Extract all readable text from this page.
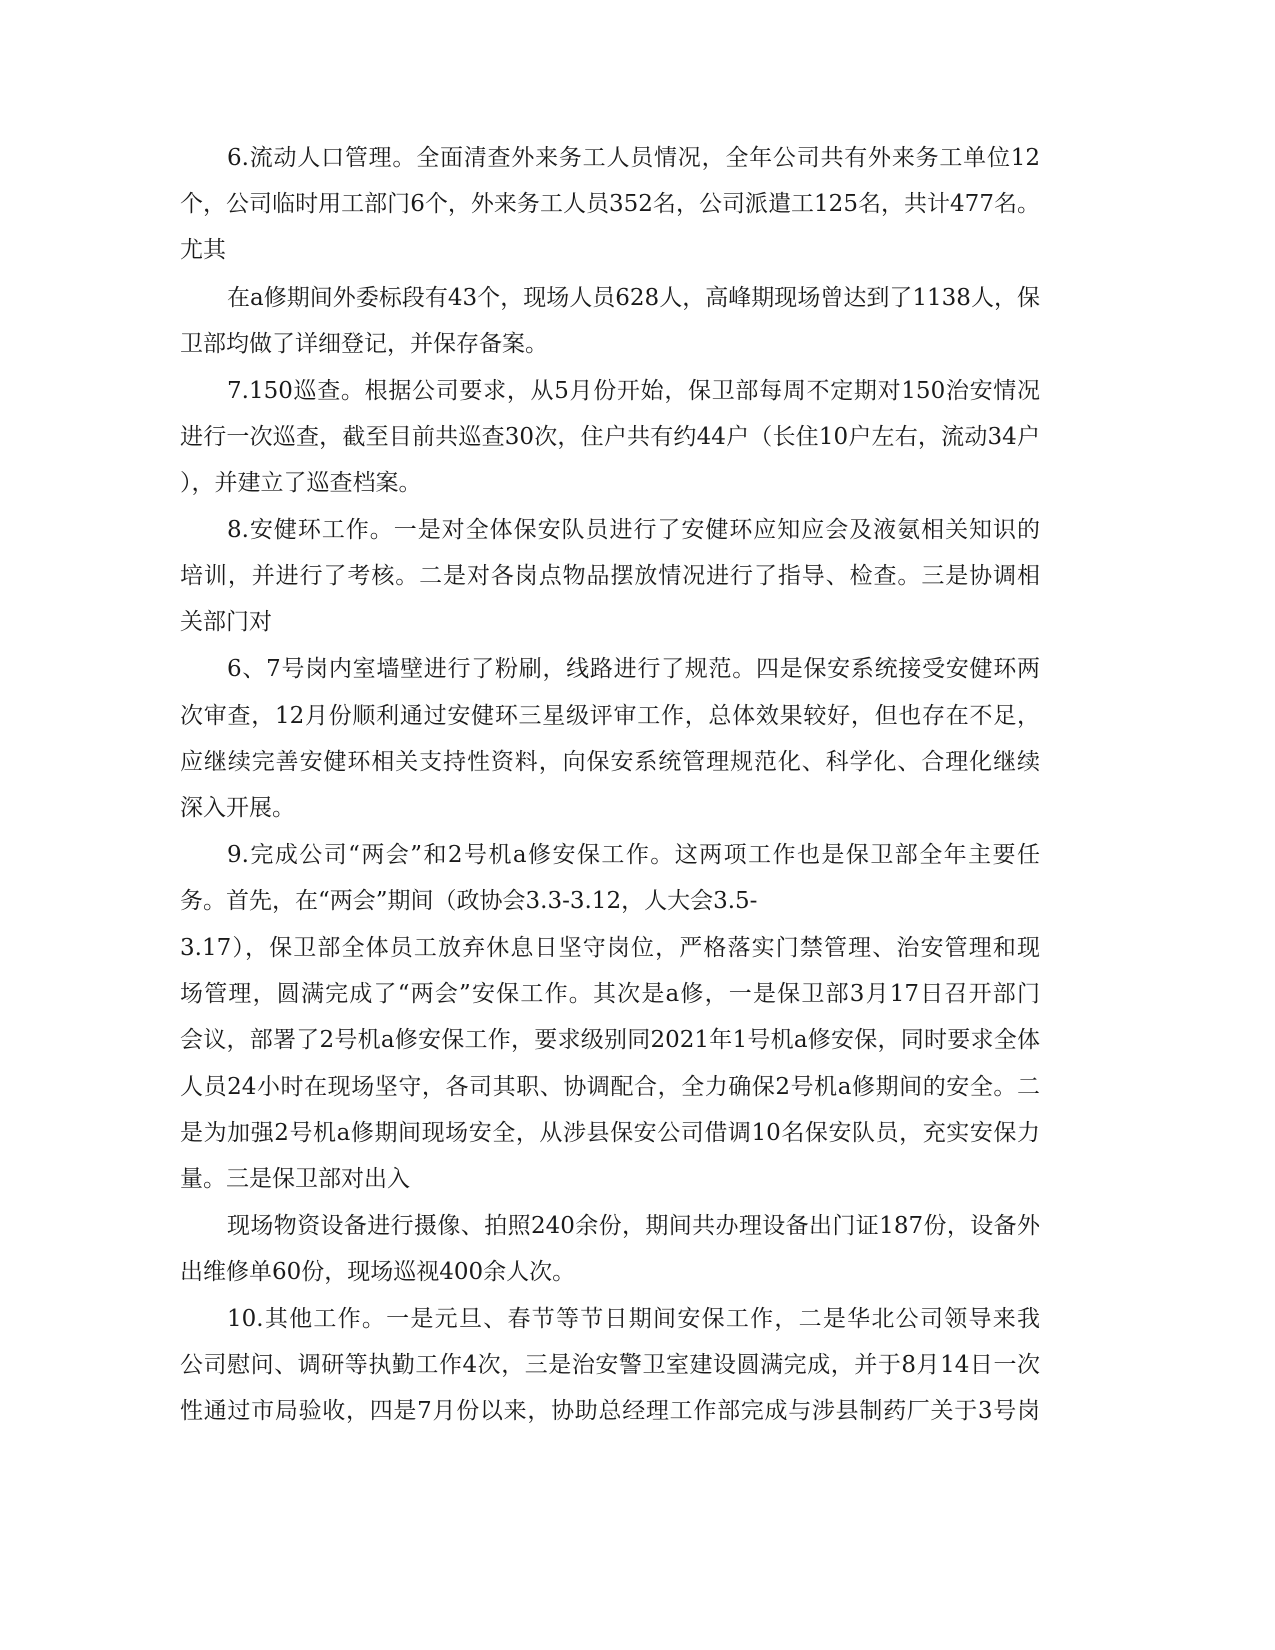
6.流动人口管理。全面清查外来务工人员情况，全年公司共有外来务工单位12
个，公司临时用工部门6个，外来务工人员352名，公司派遣工125名，共计477名。
尤其
在a修期间外委标段有43个，现场人员628人，高峰期现场曾达到了1138人，保
卫部均做了详细登记，并保存备案。
7.150巡查。根据公司要求，从5月份开始，保卫部每周不定期对150治安情况
进行一次巡查，截至目前共巡查30次，住户共有约44户（长住10户左右，流动34户
），并建立了巡查档案。
8.安健环工作。一是对全体保安队员进行了安健环应知应会及液氨相关知识的
培训，并进行了考核。二是对各岗点物品摆放情况进行了指导、检查。三是协调相
关部门对
6、7号岗内室墙壁进行了粉刷，线路进行了规范。四是保安系统接受安健环两
次审查，12月份顺利通过安健环三星级评审工作，总体效果较好，但也存在不足，
应继续完善安健环相关支持性资料，向保安系统管理规范化、科学化、合理化继续
深入开展。
9.完成公司“两会”和2号机a修安保工作。这两项工作也是保卫部全年主要任
务。首先，在“两会”期间（政协会3.3-3.12，人大会3.5-
3.17），保卫部全体员工放弃休息日坚守岗位，严格落实门禁管理、治安管理和现
场管理，圆满完成了“两会”安保工作。其次是a修，一是保卫部3月17日召开部门
会议，部署了2号机a修安保工作，要求级别同2021年1号机a修安保，同时要求全体
人员24小时在现场坚守，各司其职、协调配合，全力确保2号机a修期间的安全。二
是为加强2号机a修期间现场安全，从涉县保安公司借调10名保安队员，充实安保力
量。三是保卫部对出入
现场物资设备进行摄像、拍照240余份，期间共办理设备出门证187份，设备外
出维修单60份，现场巡视400余人次。
10.其他工作。一是元旦、春节等节日期间安保工作，二是华北公司领导来我
公司慰问、调研等执勤工作4次，三是治安警卫室建设圆满完成，并于8月14日一次
性通过市局验收，四是7月份以来，协助总经理工作部完成与涉县制药厂关于3号岗
